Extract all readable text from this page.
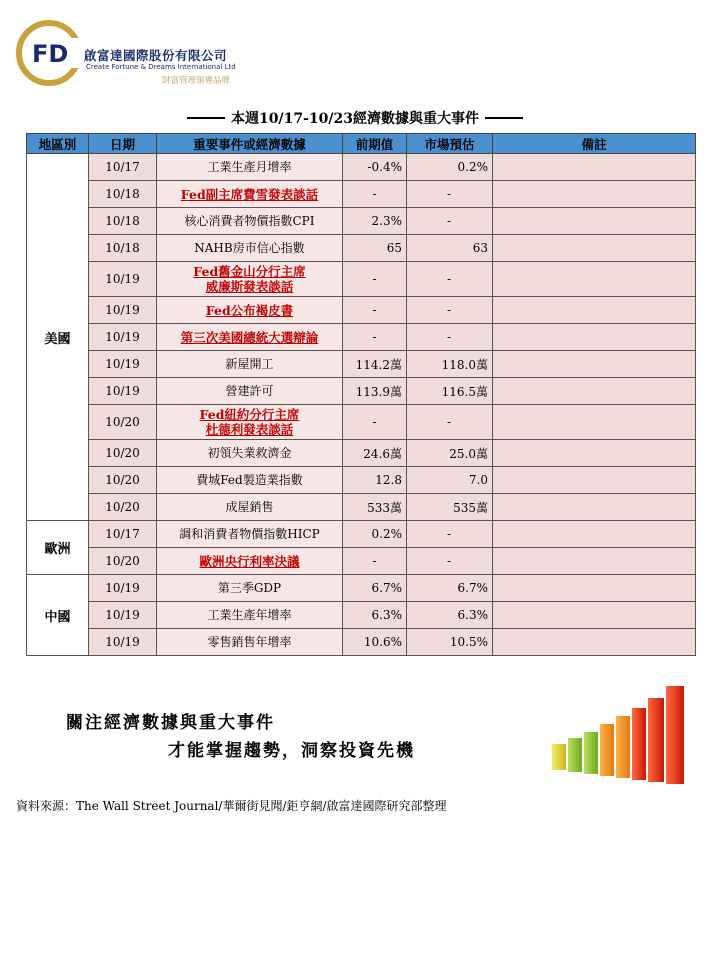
FD 啟富達國際股份有限公司
Create Fortune & Dreams International Ltd
財富管理領導品牌
本週10/17-10/23經濟數據與重大事件
地區別	日期	重要事件或經濟數據	前期值	市場預估	備註
美國	10/17	工業生產月增率	-0.4%	0.2%	
	10/18	Fed副主席費雪發表談話	-	-	
	10/18	核心消費者物價指數CPI	2.3%	-	
	10/18	NAHB房市信心指數	65	63	
	10/19	Fed舊金山分行主席
威廉斯發表談話	-	-	
	10/19	Fed公布褐皮書	-	-	
	10/19	第三次美國總統大選辯論	-	-	
	10/19	新屋開工	114.2萬	118.0萬	
	10/19	營建許可	113.9萬	116.5萬	
	10/20	Fed紐約分行主席
杜德利發表談話	-	-	
	10/20	初領失業救濟金	24.6萬	25.0萬	
	10/20	費城Fed製造業指數	12.8	7.0	
	10/20	成屋銷售	533萬	535萬	
歐洲	10/17	調和消費者物價指數HICP	0.2%	-	
	10/20	歐洲央行利率決議	-	-	
中國	10/19	第三季GDP	6.7%	6.7%	
	10/19	工業生產年增率	6.3%	6.3%	
	10/19	零售銷售年增率	10.6%	10.5%	
關注經濟數據與重大事件
才能掌握趨勢，洞察投資先機
資料來源：The Wall Street Journal/華爾街見聞/鉅亨網/啟富達國際研究部整理
